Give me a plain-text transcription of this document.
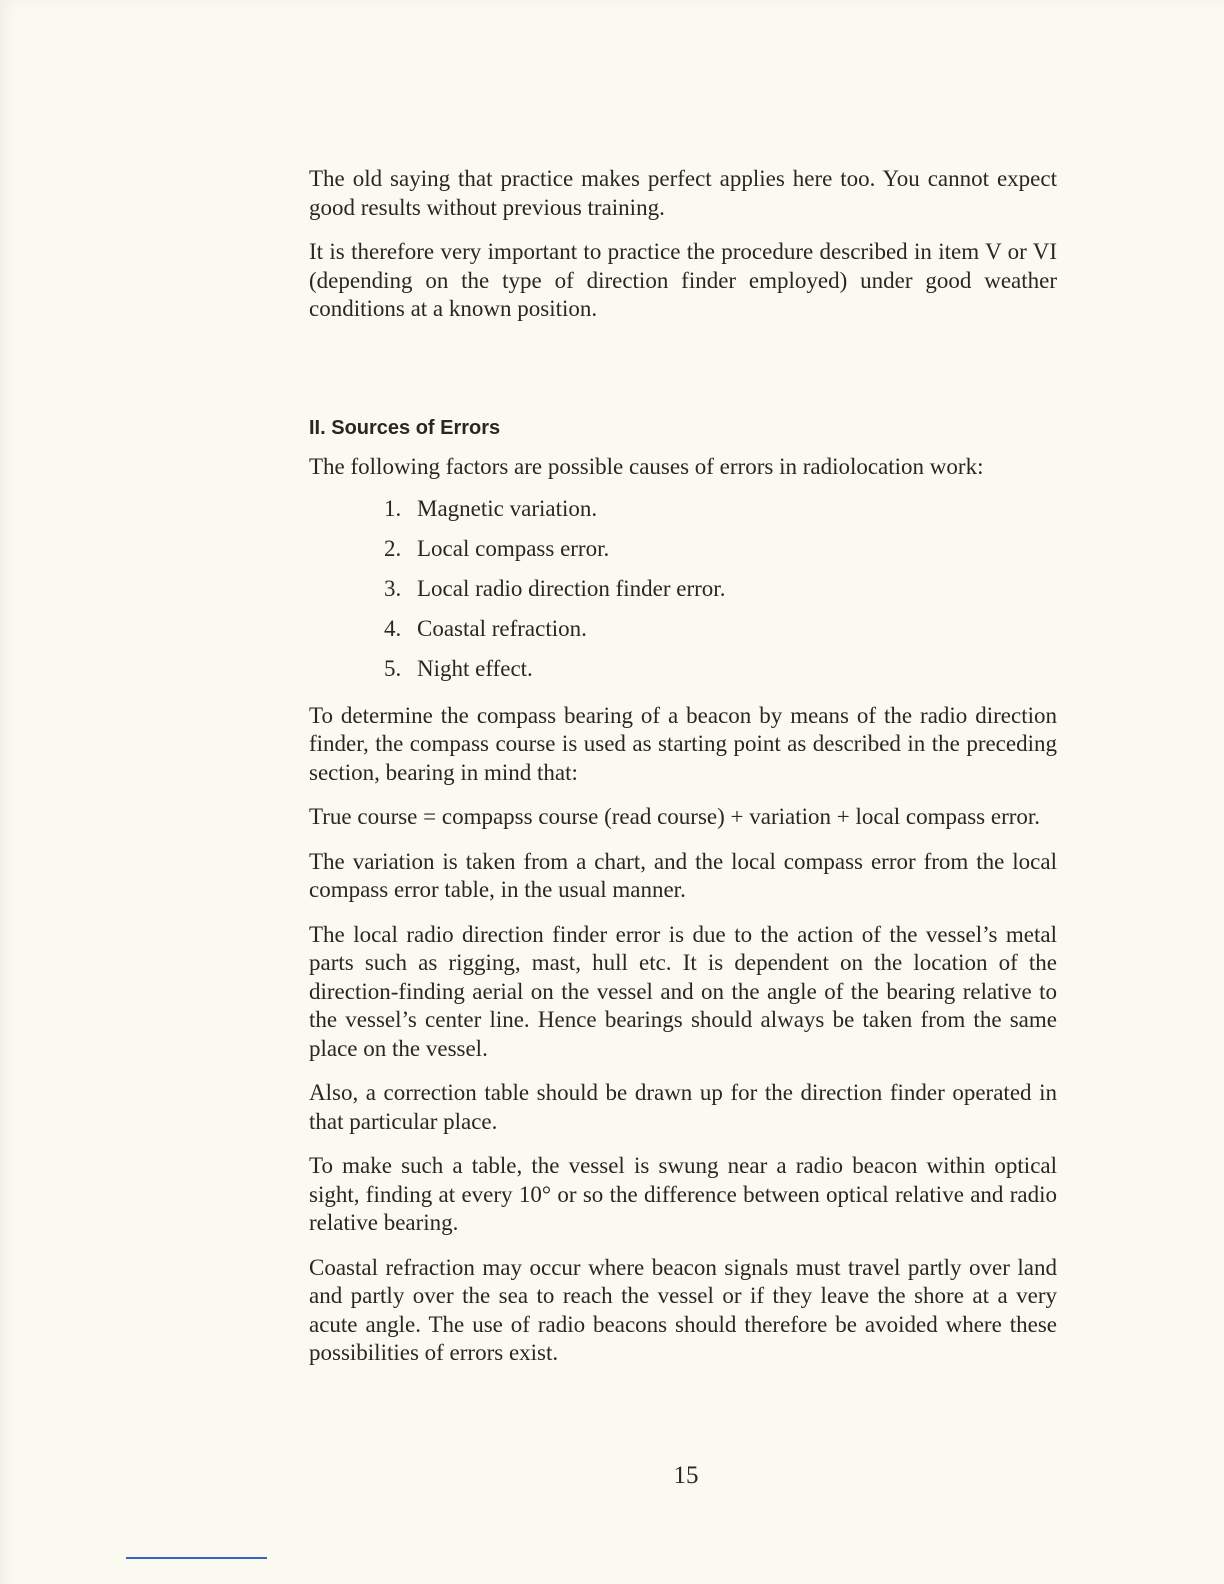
The old saying that practice makes perfect applies here too. You cannot expect good results without previous training.

It is therefore very important to practice the procedure described in item V or VI (depending on the type of direction finder employed) under good weather conditions at a known position.

II. Sources of Errors

The following factors are possible causes of errors in radiolocation work:

1. Magnetic variation.
2. Local compass error.
3. Local radio direction finder error.
4. Coastal refraction.
5. Night effect.

To determine the compass bearing of a beacon by means of the radio direction finder, the compass course is used as starting point as described in the preceding section, bearing in mind that:

True course = compapss course (read course) + variation + local compass error.

The variation is taken from a chart, and the local compass error from the local compass error table, in the usual manner.

The local radio direction finder error is due to the action of the vessel’s metal parts such as rigging, mast, hull etc. It is dependent on the location of the direction-finding aerial on the vessel and on the angle of the bearing relative to the vessel’s center line. Hence bearings should always be taken from the same place on the vessel.

Also, a correction table should be drawn up for the direction finder operated in that particular place.

To make such a table, the vessel is swung near a radio beacon within optical sight, finding at every 10° or so the difference between optical relative and radio relative bearing.

Coastal refraction may occur where beacon signals must travel partly over land and partly over the sea to reach the vessel or if they leave the shore at a very acute angle. The use of radio beacons should therefore be avoided where these possibilities of errors exist.

15
